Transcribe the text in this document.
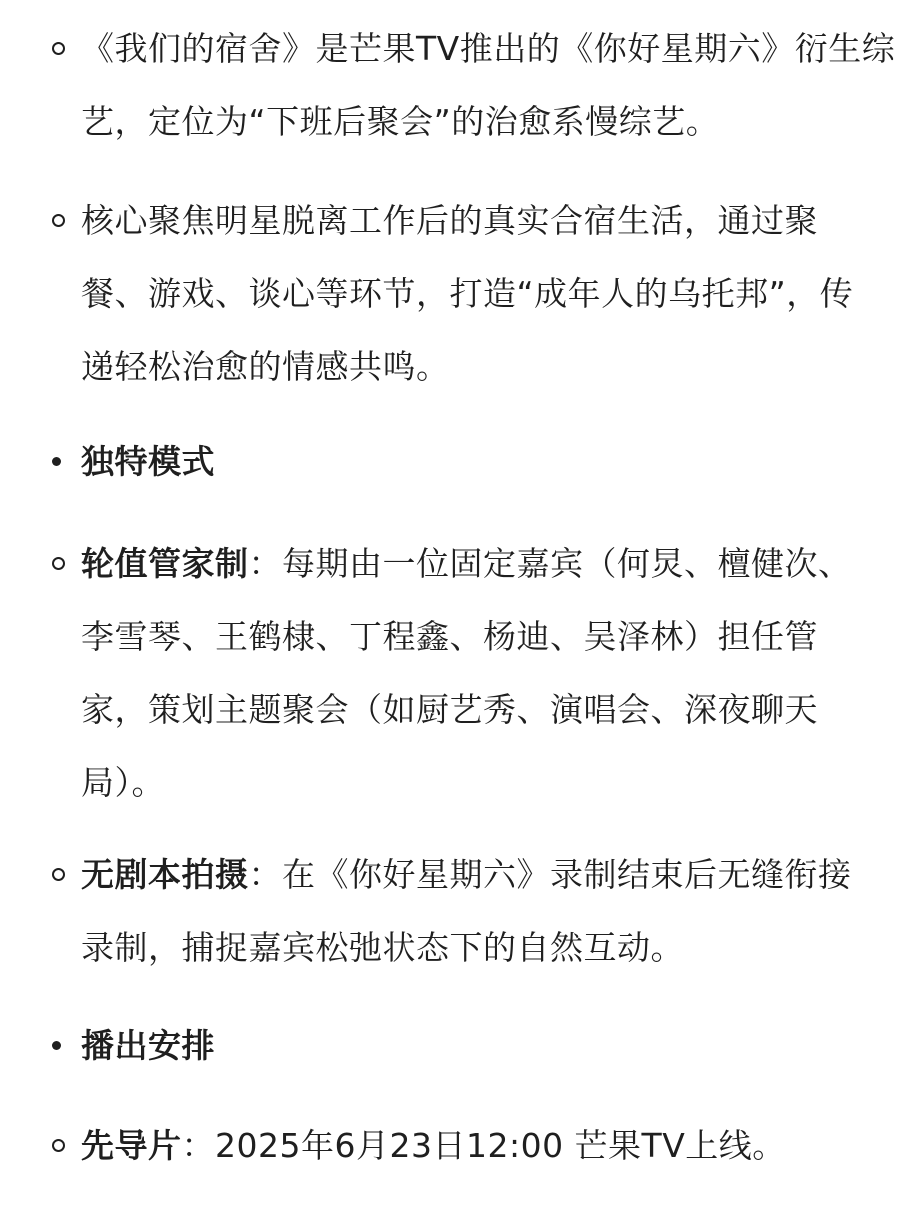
《我们的宿舍》是芒果TV推出的《你好星期六》衍生综艺，定位为“下班后聚会”的治愈系慢综艺。
核心聚焦明星脱离工作后的真实合宿生活，通过聚餐、游戏、谈心等环节，打造“成年人的乌托邦”，传递轻松治愈的情感共鸣。
独特模式
轮值管家制：每期由一位固定嘉宾（何炅、檀健次、李雪琴、王鹤棣、丁程鑫、杨迪、吴泽林）担任管家，策划主题聚会（如厨艺秀、演唱会、深夜聊天局）。
无剧本拍摄：在《你好星期六》录制结束后无缝衔接录制，捕捉嘉宾松弛状态下的自然互动。
播出安排
先导片：2025年6月23日12:00 芒果TV上线。
